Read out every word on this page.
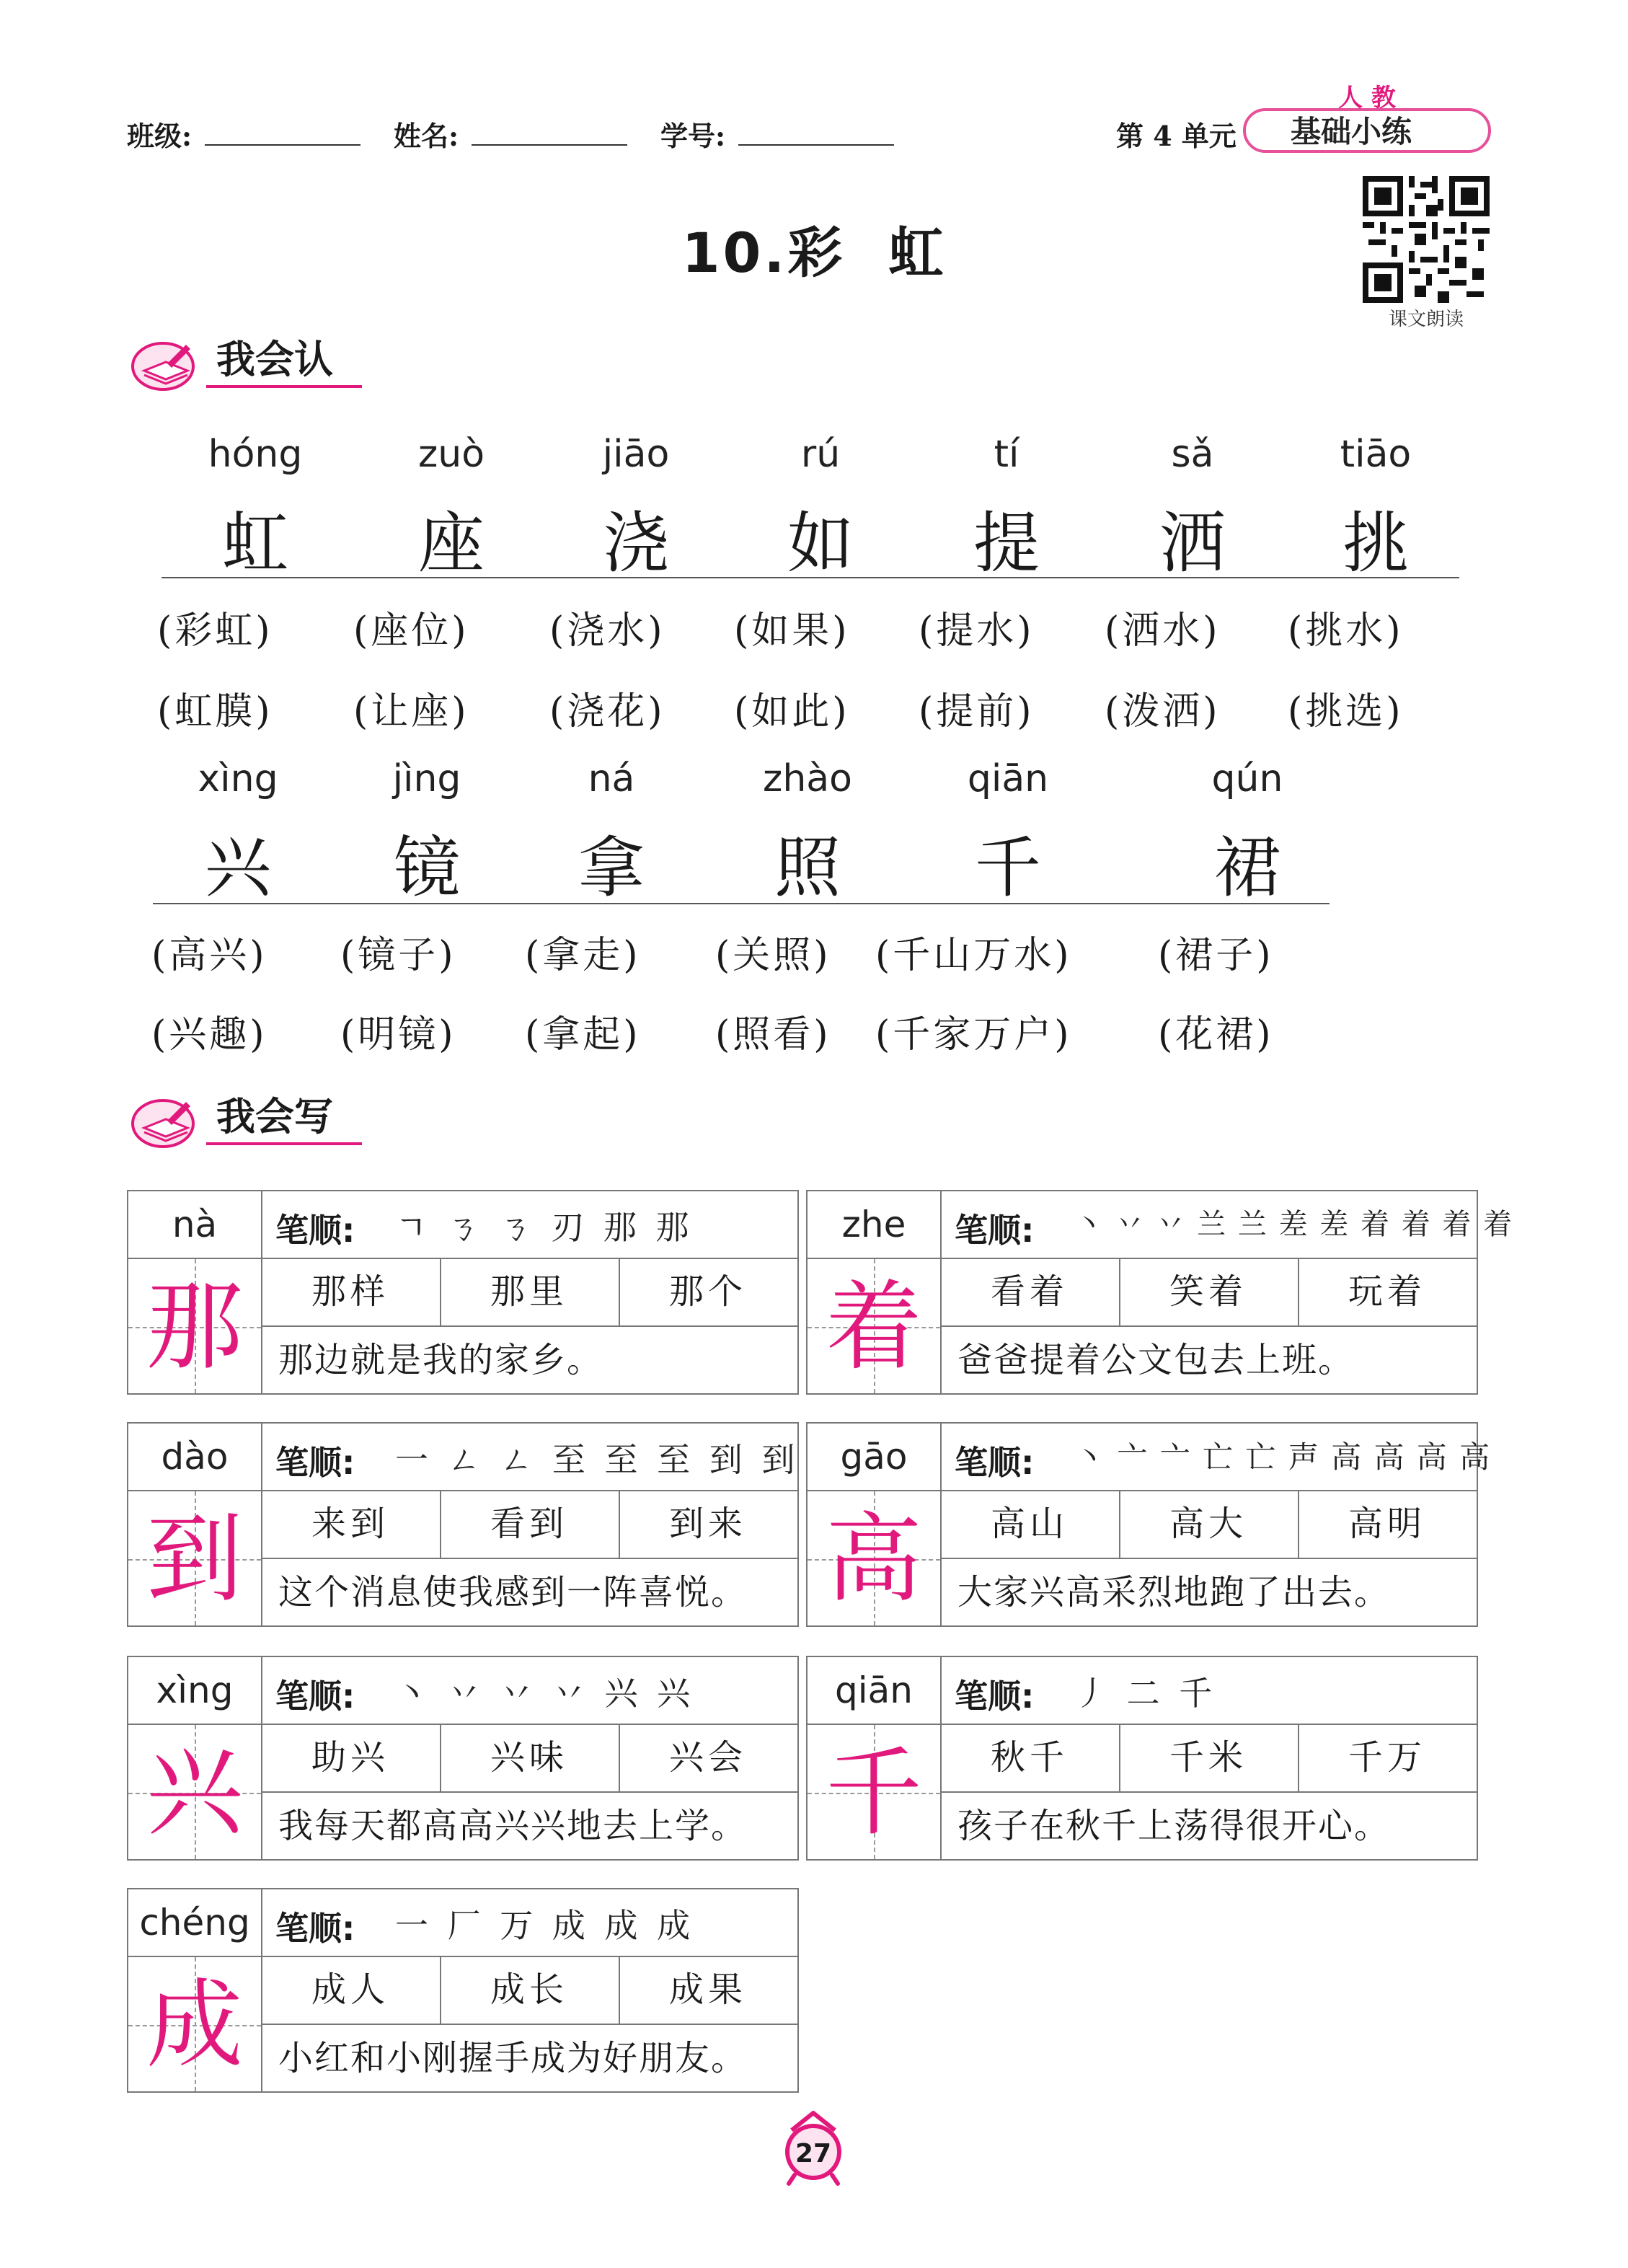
班级:	姓名:	学号:	第 4 单元
人 教
基础小练
10.彩 虹
课文朗读
我会认
hóng	zuò	jiāo	rú	tí	sǎ	tiāo
虹	座	浇	如	提	洒	挑
(彩虹) (座位) (浇水) (如果) (提水) (洒水) (挑水)
(虹膜) (让座) (浇花) (如此) (提前) (泼洒) (挑选)
xìng	jìng	ná	zhào	qiān	qún
兴	镜	拿	照	千	裙
(高兴) (镜子) (拿走) (关照) (千山万水) (裙子)
(兴趣) (明镜) (拿起) (照看) (千家万户) (花裙)
我会写
nà	笔顺: ㄱ ㄋ ㄋ 刃 那 那
那	那样	那里	那个
那边就是我的家乡。
zhe	笔顺: 丶 丷 丷 兰 兰 差 差 着 着 着 着
着	看着	笑着	玩着
爸爸提着公文包去上班。
dào	笔顺: 一 ㄥ ㄥ 至 至 至 到 到
到	来到	看到	到来
这个消息使我感到一阵喜悦。
gāo	笔顺: 丶 亠 亠 亡 亡 声 高 高 高 高
高	高山	高大	高明
大家兴高采烈地跑了出去。
xìng	笔顺: 丶 丷 丷 丷 兴 兴
兴	助兴	兴味	兴会
我每天都高高兴兴地去上学。
qiān	笔顺: 丿 二 千
千	秋千	千米	千万
孩子在秋千上荡得很开心。
chéng 笔顺: 一 厂 万 成 成 成
成	成人	成长	成果
小红和小刚握手成为好朋友。
27
